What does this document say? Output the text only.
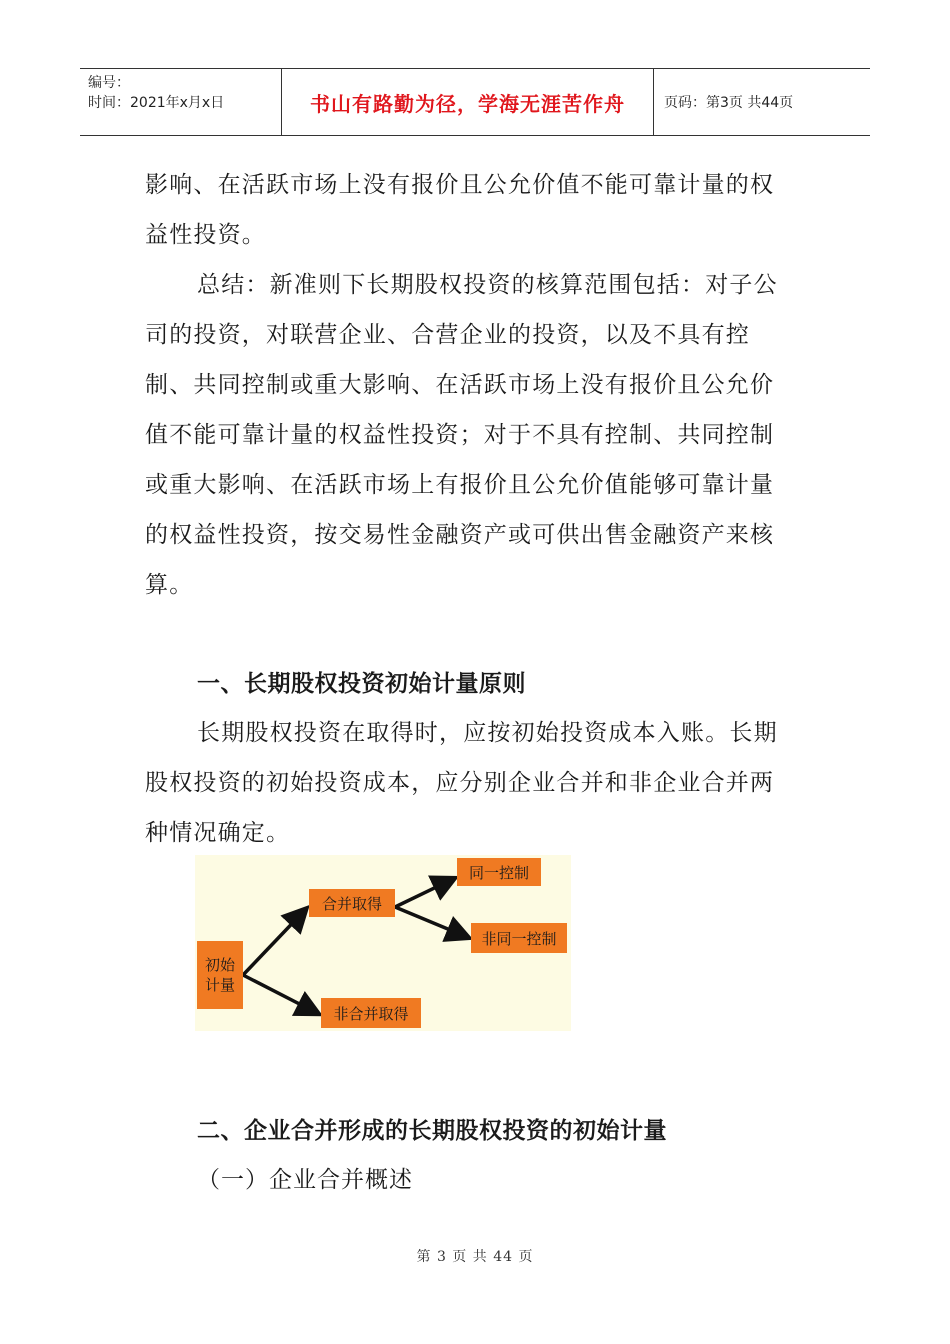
编号：
时间：2021年x月x日	书山有路勤为径，学海无涯苦作舟	页码：第3页 共44页

影响、在活跃市场上没有报价且公允价值不能可靠计量的权益性投资。

总结：新准则下长期股权投资的核算范围包括：对子公司的投资，对联营企业、合营企业的投资，以及不具有控制、共同控制或重大影响、在活跃市场上没有报价且公允价值不能可靠计量的权益性投资；对于不具有控制、共同控制或重大影响、在活跃市场上有报价且公允价值能够可靠计量的权益性投资，按交易性金融资产或可供出售金融资产来核算。

一、长期股权投资初始计量原则

长期股权投资在取得时，应按初始投资成本入账。长期股权投资的初始投资成本，应分别企业合并和非企业合并两种情况确定。

初始
计量
合并取得
非合并取得
同一控制
非同一控制
二、企业合并形成的长期股权投资的初始计量

（一）企业合并概述

第 3 页 共 44 页
